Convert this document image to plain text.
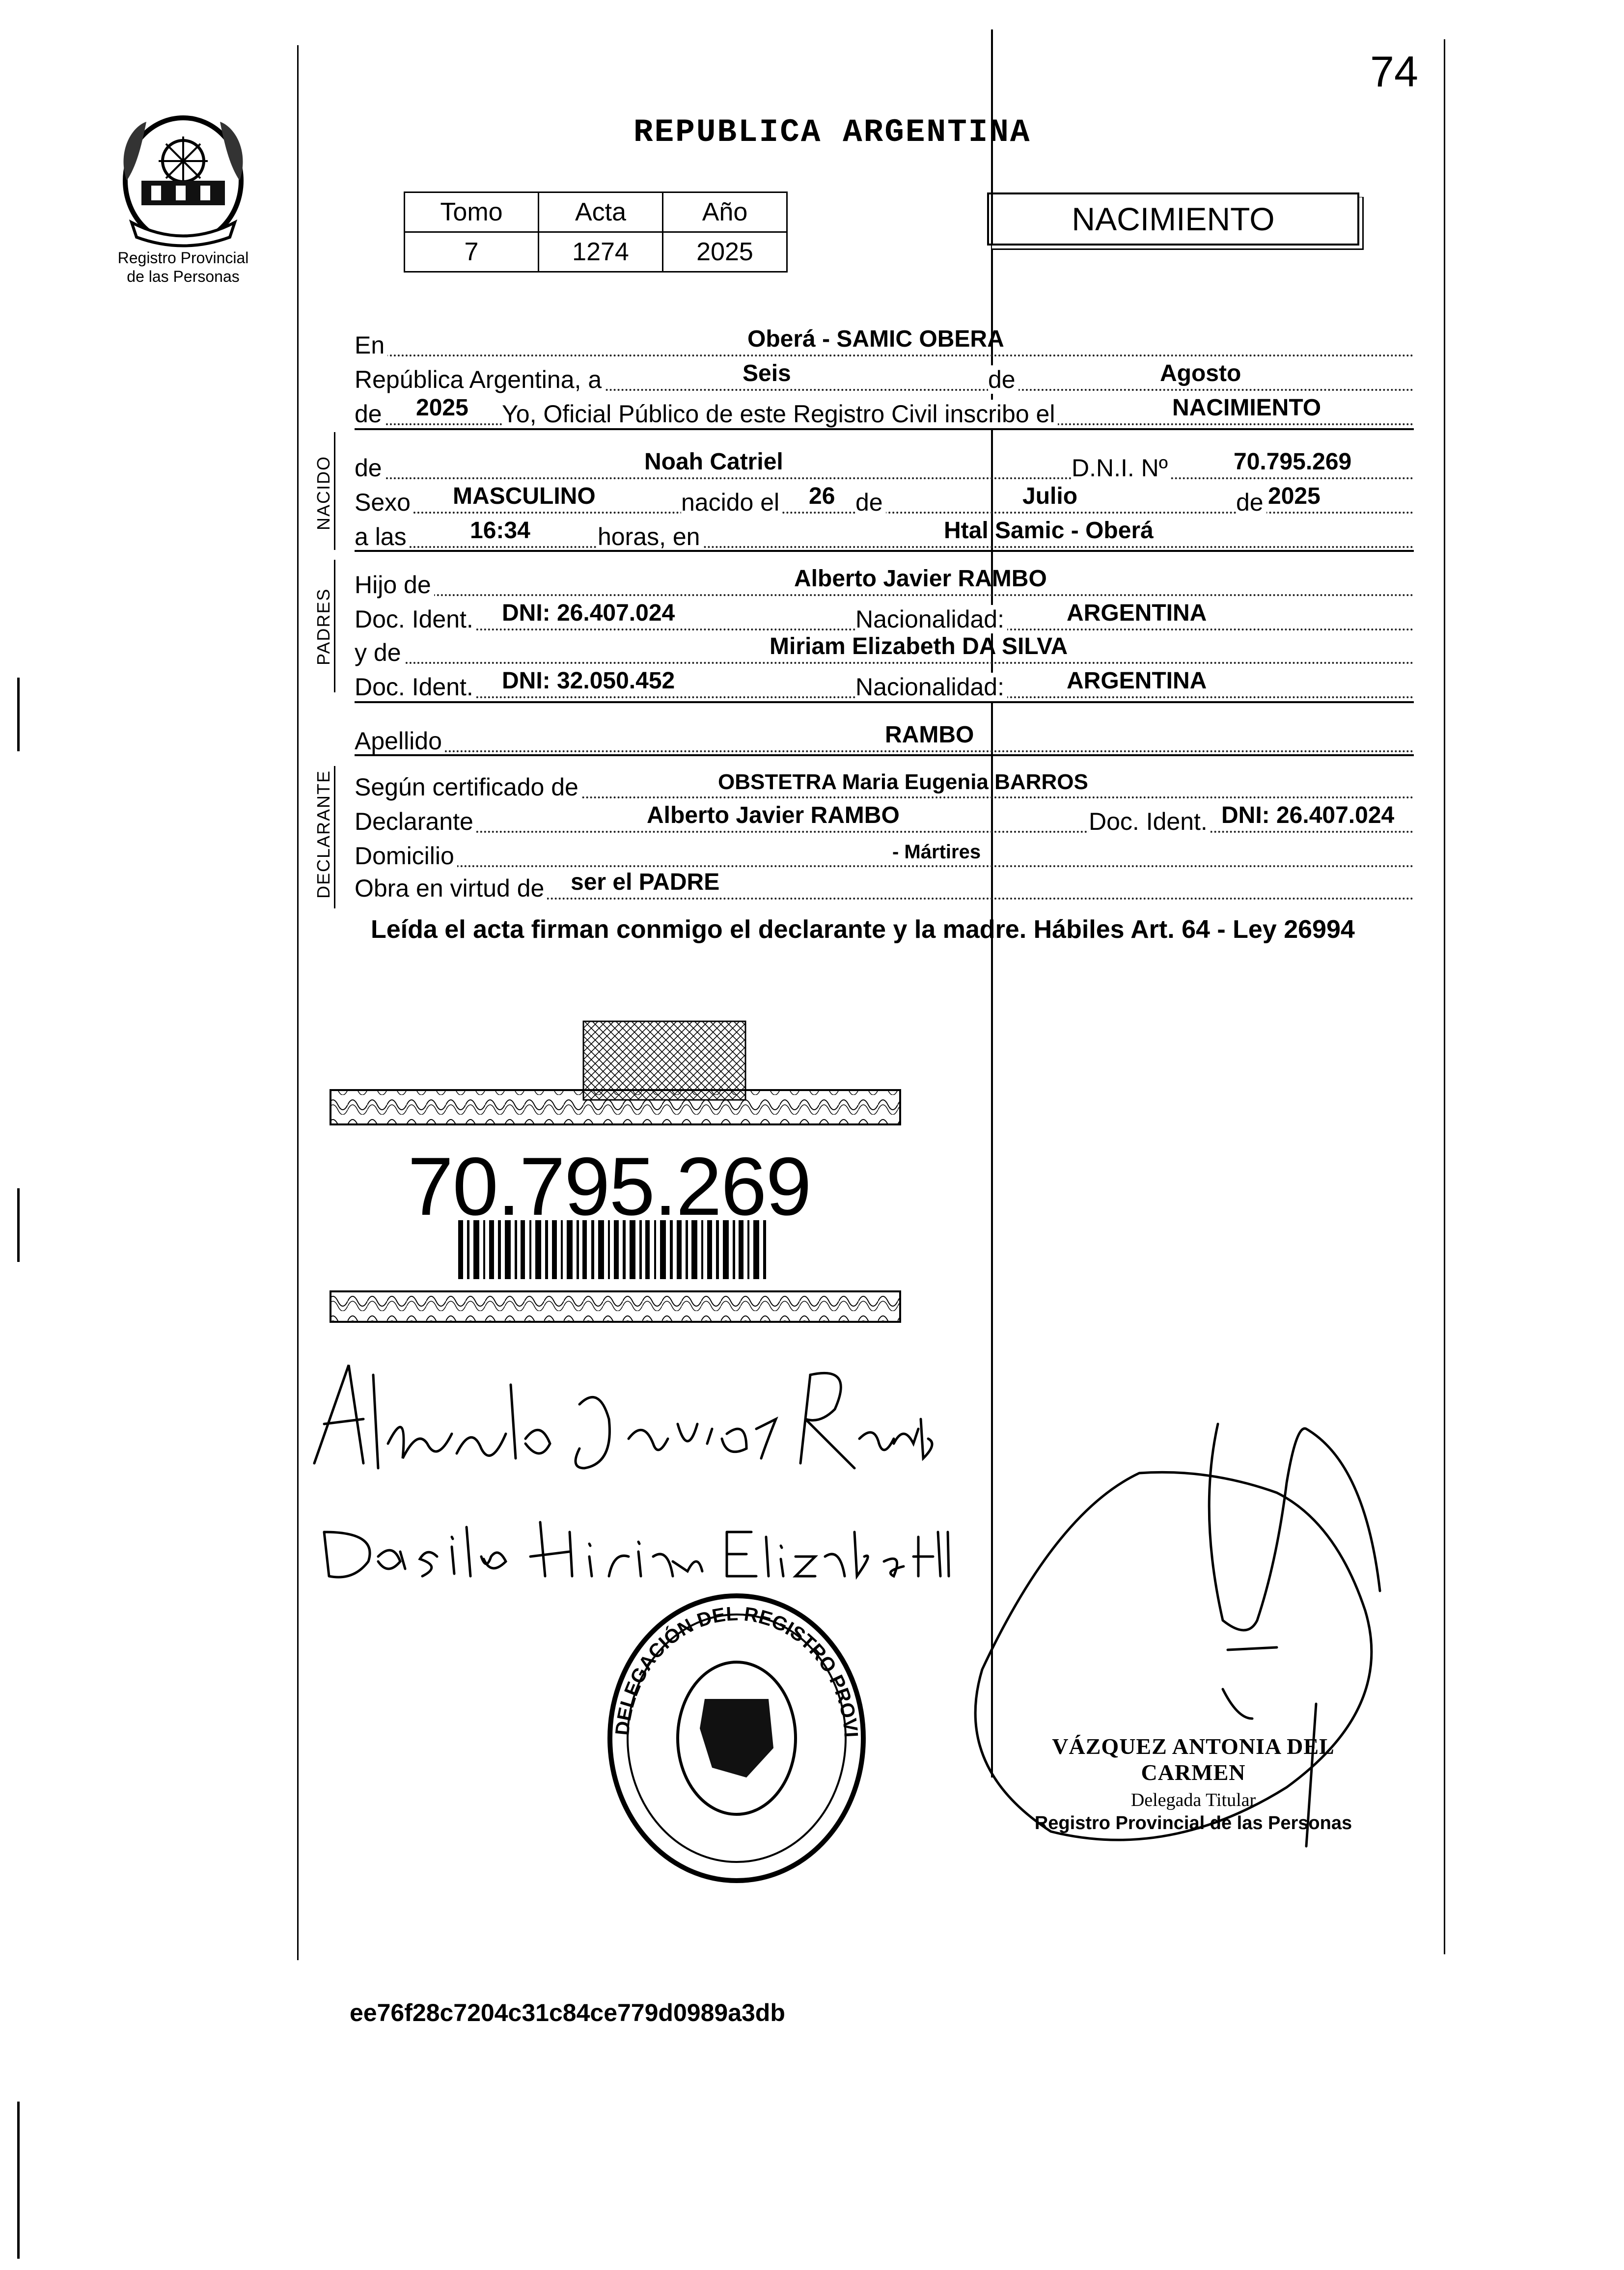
74
REPUBLICA ARGENTINA
Registro Provincial
de las Personas
Tomo	Acta	Año
7	1274	2025
NACIMIENTO
En	Oberá - SAMIC OBERA
República Argentina, a	Seis	de	Agosto
de 2025 Yo, Oficial Público de este Registro Civil inscribo el	NACIMIENTO
NACIDO de	Noah Catriel	D.N.I. Nº	70.795.269
Sexo MASCULINO	nacido el 26 de	Julio	de 2025
a las	16:34	horas, en	Htal Samic - Oberá
PADRES
Hijo de	Alberto Javier RAMBO
Doc. Ident. DNI: 26.407.024	Nacionalidad:	ARGENTINA
y de	Miriam Elizabeth DA SILVA
Doc. Ident. DNI: 32.050.452	Nacionalidad:	ARGENTINA
Apellido	RAMBO
DECLARANTE Según certificado de	OBSTETRA Maria Eugenia BARROS
Declarante	Alberto Javier RAMBO	Doc. Ident. DNI: 26.407.024
Domicilio	- Mártires
Obra en virtud de ser el PADRE
Leída el acta firman conmigo el declarante y la madre. Hábiles Art. 64 - Ley 26994
70.795.269
DELEGACIÓN DEL REGISTRO PROVI	VÁZQUEZ ANTONIA DEL CARMEN
Delegada Titular
Registro Provincial de las Personas
ee76f28c7204c31c84ce779d0989a3db
